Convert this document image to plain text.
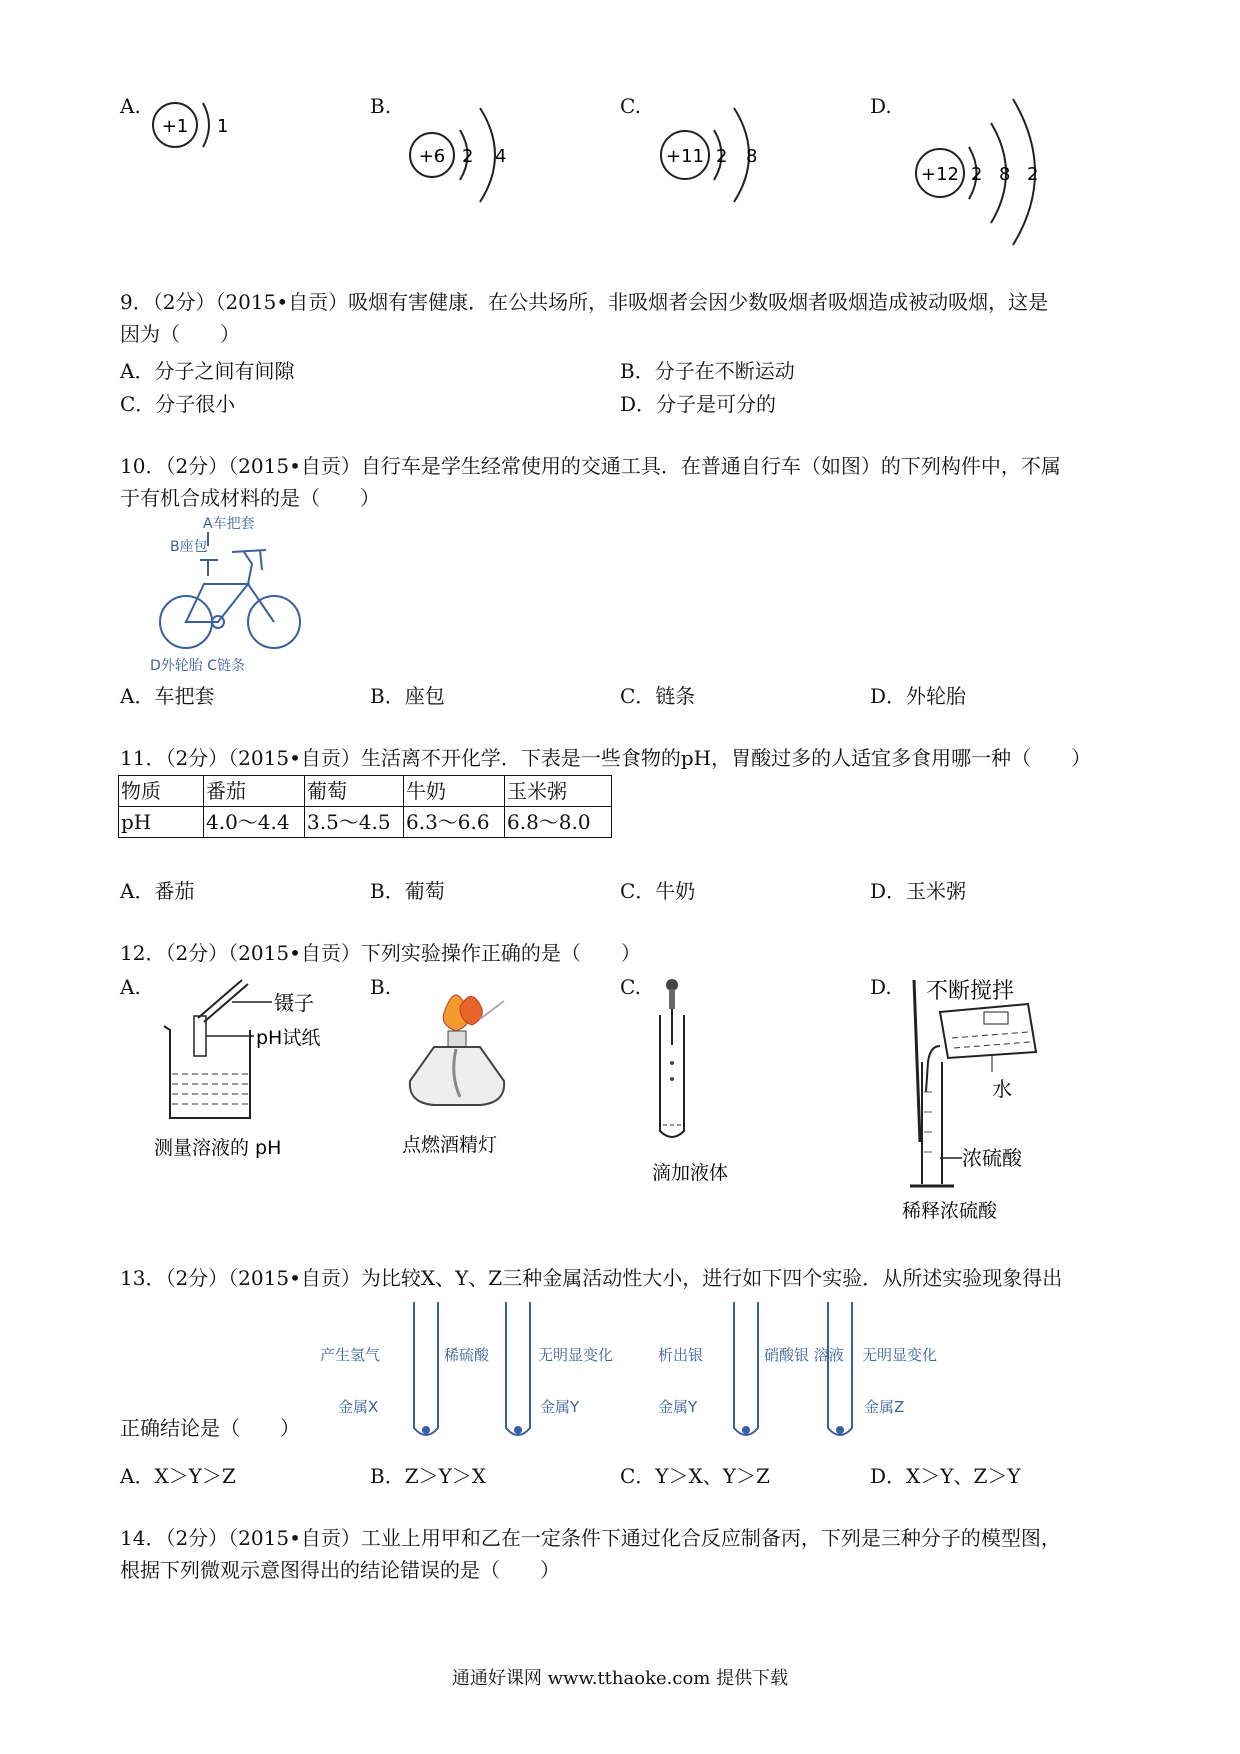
A.	B.	C.	D.
+1 1
+6 2 4	+11 2 8
+12 2 8 2
9．（2分）（2015•自贡）吸烟有害健康．在公共场所，非吸烟者会因少数吸烟者吸烟造成被动吸烟，这是
因为（　　）
A．分子之间有间隙	B．分子在不断运动
C．分子很小	D．分子是可分的
10．（2分）（2015•自贡）自行车是学生经常使用的交通工具．在普通自行车（如图）的下列构件中，不属
于有机合成材料的是（　　）
A车把套
B座包
D外轮胎 C链条
A．车把套	B．座包	C．链条	D．外轮胎
11．（2分）（2015•自贡）生活离不开化学．下表是一些食物的pH，胃酸过多的人适宜多食用哪一种（　　）
物质	番茄	葡萄	牛奶	玉米粥
pH	4.0～4.4	3.5～4.5	6.3～6.6	6.8～8.0
A．番茄	B．葡萄	C．牛奶	D．玉米粥
12．（2分）（2015•自贡）下列实验操作正确的是（　　）
A.	B.	C.	D.
镊子
pH试纸
测量溶液的 pH	点燃酒精灯
滴加液体
不断搅拌
水
浓硫酸
稀释浓硫酸
13．（2分）（2015•自贡）为比较X、Y、Z三种金属活动性大小，进行如下四个实验．从所述实验现象得出
产生氢气
金属X
稀硫酸	无明显变化
金属Y
析出银
金属Y
硝酸银 溶液 无明显变化
金属Z
正确结论是（　　）
A．X＞Y＞Z	B．Z＞Y＞X	C．Y＞X、Y＞Z	D．X＞Y、Z＞Y
14．（2分）（2015•自贡）工业上用甲和乙在一定条件下通过化合反应制备丙，下列是三种分子的模型图，
根据下列微观示意图得出的结论错误的是（　　）
通通好课网 www.tthaoke.com 提供下载
